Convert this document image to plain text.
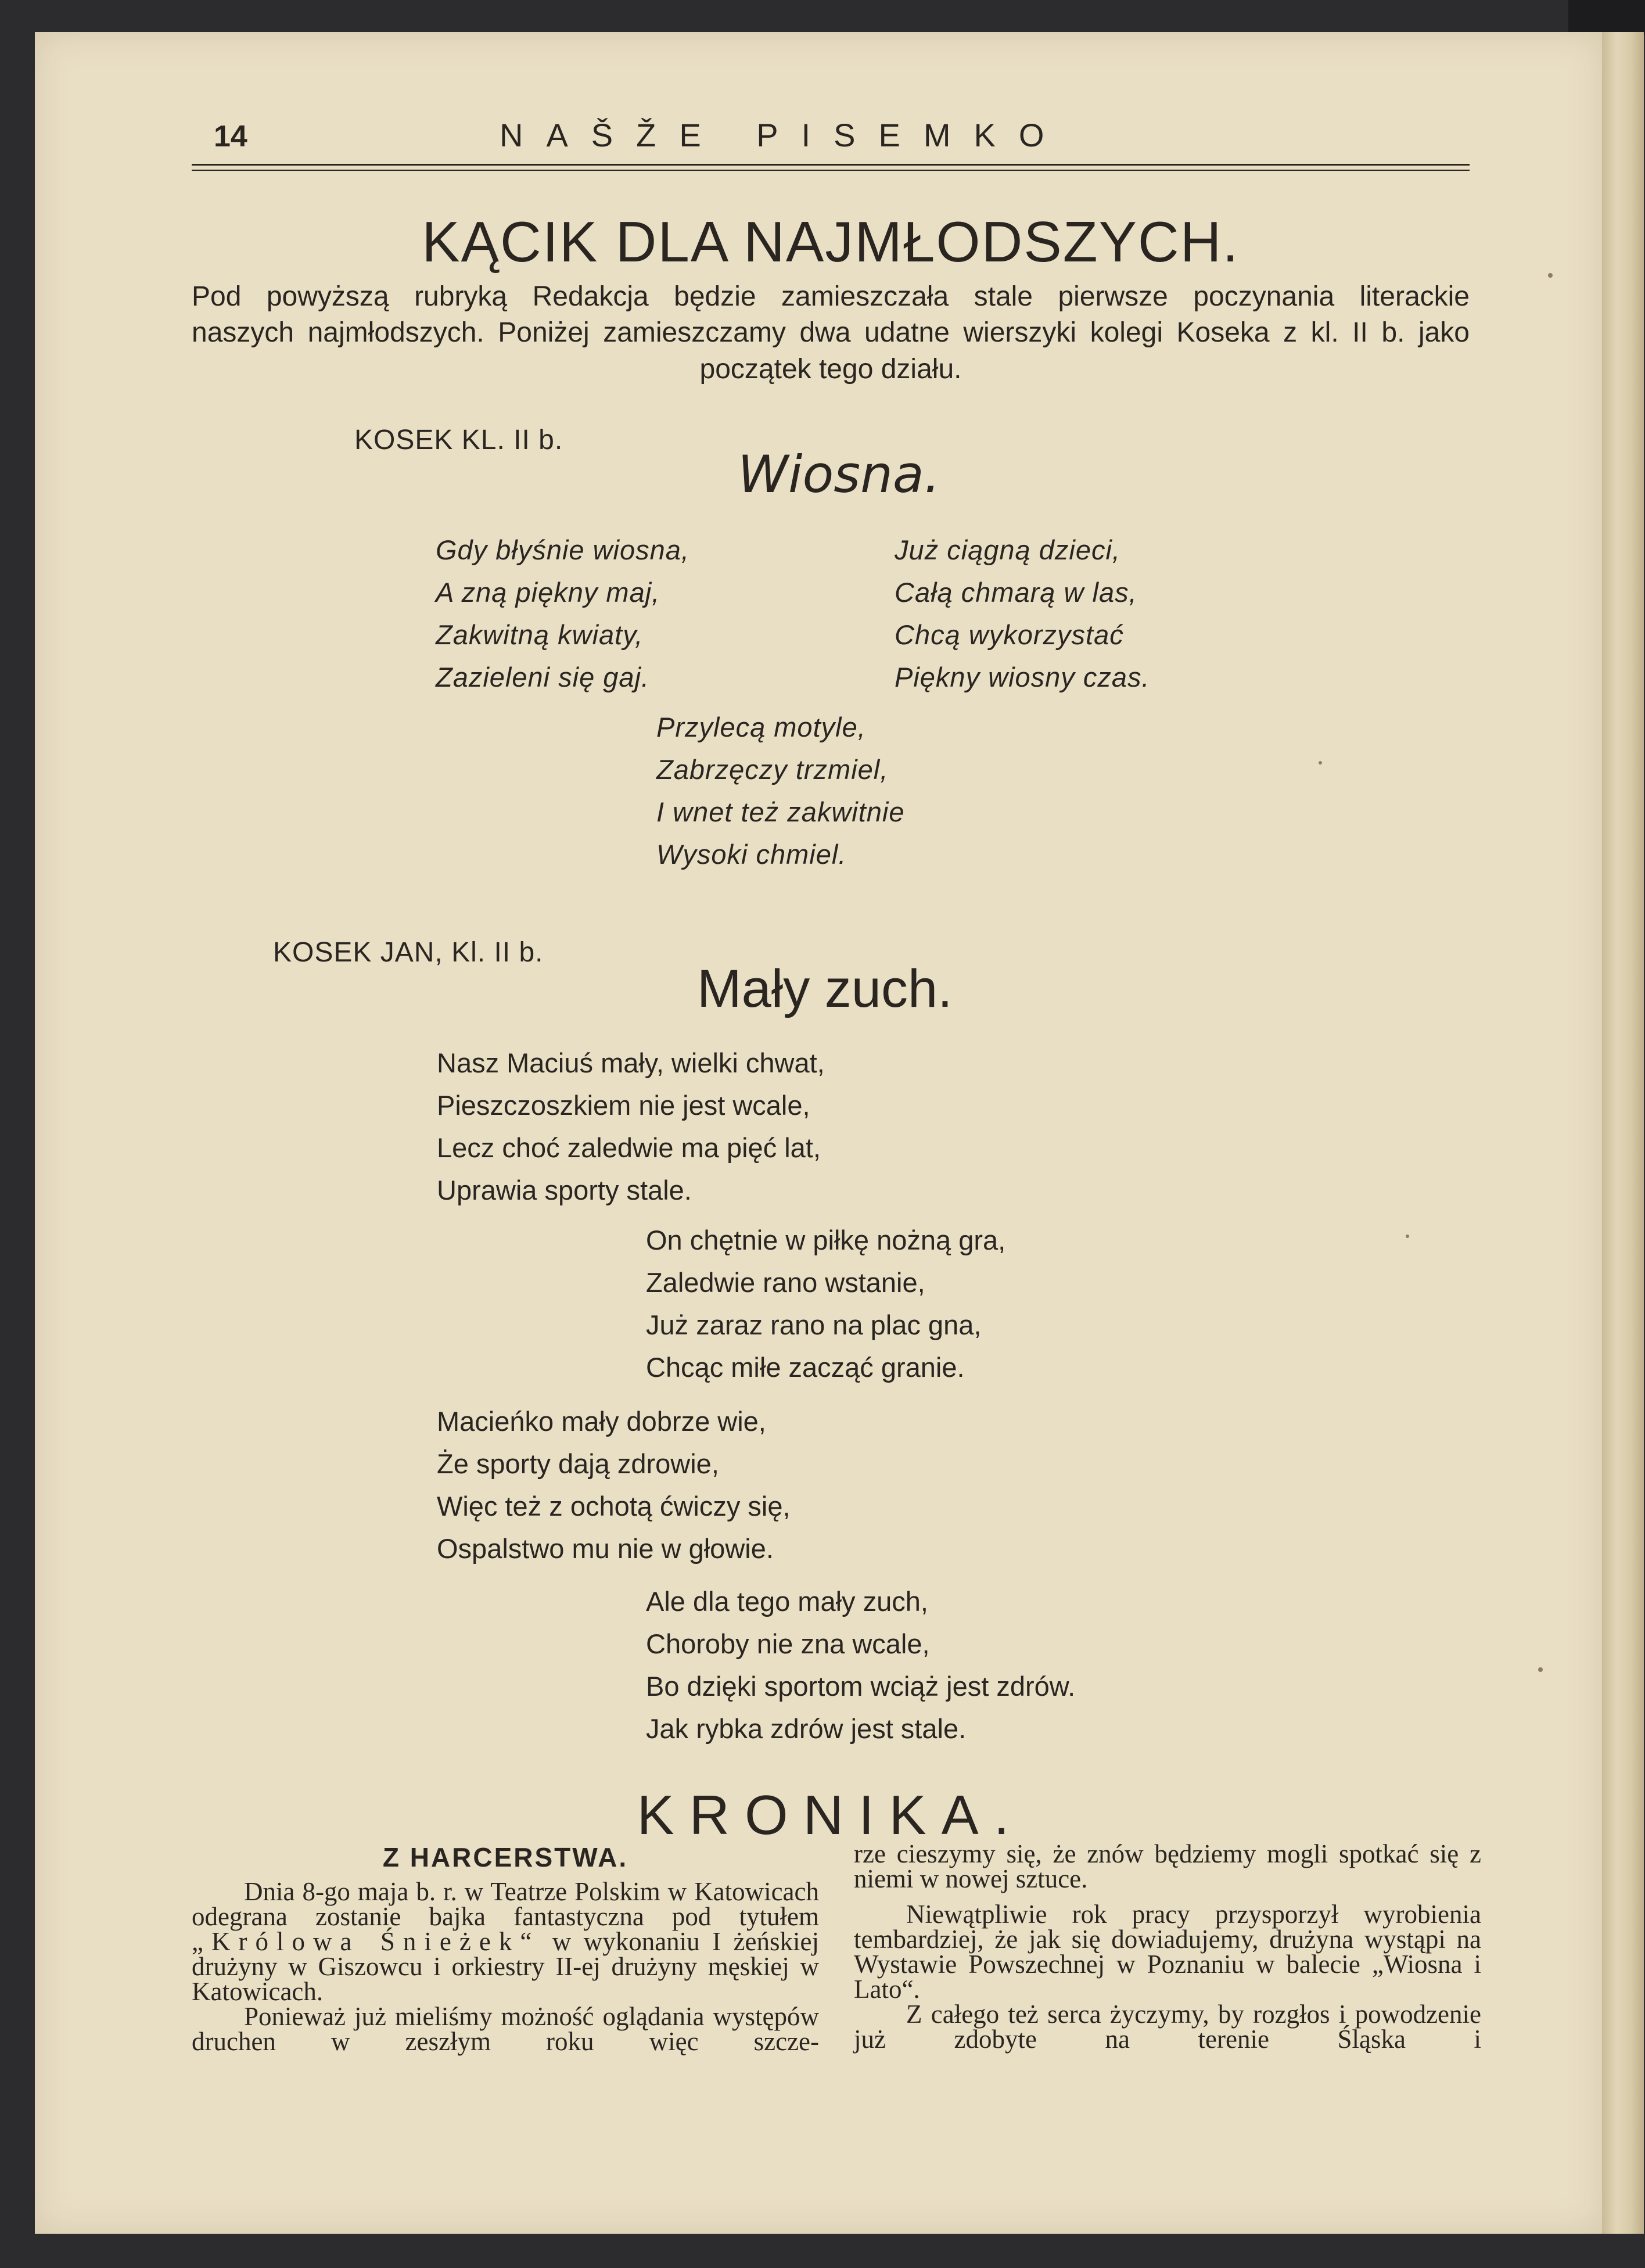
14	NAŠŽE PISEMKO
KĄCIK DLA NAJMŁODSZYCH.
Pod powyższą rubryką Redakcja będzie zamieszczała stale pierwsze poczynania literackie
naszych najmłodszych. Poniżej zamieszczamy dwa udatne wierszyki kolegi Koseka z kl. II b. jako
początek tego działu.
KOSEK KL. II b.
Wiosna.
Gdy błyśnie wiosna,
A zną piękny maj,
Zakwitną kwiaty,
Zazieleni się gaj.
Już ciągną dzieci,
Całą chmarą w las,
Chcą wykorzystać
Piękny wiosny czas.
Przylecą motyle,
Zabrzęczy trzmiel,
I wnet też zakwitnie
Wysoki chmiel.
KOSEK JAN, Kl. II b.
Mały zuch.
Nasz Maciuś mały, wielki chwat,
Pieszczoszkiem nie jest wcale,
Lecz choć zaledwie ma pięć lat,
Uprawia sporty stale.
On chętnie w piłkę nożną gra,
Zaledwie rano wstanie,
Już zaraz rano na plac gna,
Chcąc miłe zacząć granie.
Macieńko mały dobrze wie,
Że sporty dają zdrowie,
Więc też z ochotą ćwiczy się,
Ospalstwo mu nie w głowie.
Ale dla tego mały zuch,
Choroby nie zna wcale,
Bo dzięki sportom wciąż jest zdrów.
Jak rybka zdrów jest stale.
KRONIKA.
Z HARCERSTWA.

Dnia 8-go maja b. r. w Teatrze Polskim w Katowicach odegrana zostanie bajka fantastyczna pod tytułem „Królowa Śnieżek“ w wykonaniu I żeńskiej drużyny w Giszowcu i orkiestry II-ej drużyny męskiej w Katowicach.

Ponieważ już mieliśmy możność oglądania występów druchen w zeszłym roku więc szcze-

rze cieszymy się, że znów będziemy mogli spotkać się z niemi w nowej sztuce.

Niewątpliwie rok pracy przysporzył wyrobienia tembardziej, że jak się dowiadujemy, drużyna wystąpi na Wystawie Powszechnej w Poznaniu w balecie „Wiosna i Lato“.

Z całego też serca życzymy, by rozgłos i powodzenie już zdobyte na terenie Śląska i
